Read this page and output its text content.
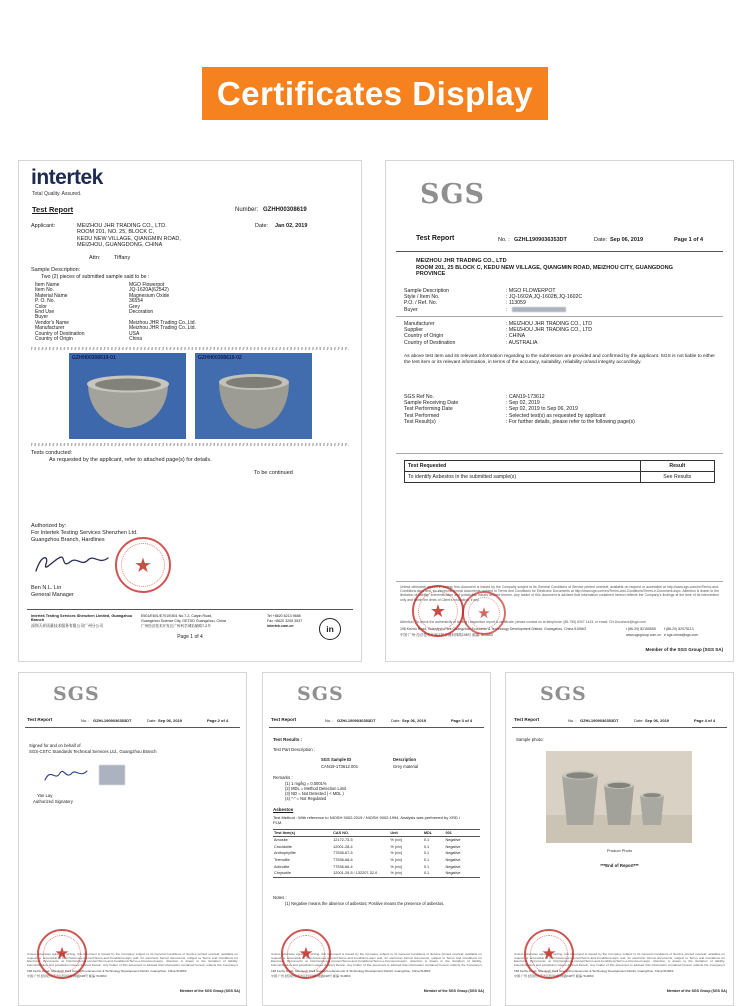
Certificates Display
intertek
Total Quality. Assured.
Test Report	Number: GZHH00308619
Applicant:	MEIZHOU JHR TRADING CO., LTD.
ROOM 201, NO. 25, BLOCK C,
KEDU NEW VILLAGE, QIANGMIN ROAD,
MEIZHOU, GUANGDONG, CHINA
Date: Jan 02, 2019
Attn: Tiffany
Sample Description:
Two (2) pieces of submitted sample said to be :
Item Name	MGO Flowerpot
Item No.	JQ-1620A(62542)
Material Name	Magnesium Oxide
P. O. No.	36554
Color	Grey
End Use	Decoration
Buyer
Vendor's Name	Meizhou JHR Trading Co.,Ltd.
Manufacturer	Meizhou JHR Trading Co.,Ltd.
Country of Destination	USA
Country of Origin	China
GZHH00308619-01	GZHH00308619-02
Tests conducted:
As requested by the applicant, refer to attached page(s) for details.
To be continued
Authorized by:
For Intertek Testing Services Shenzhen Ltd.
Guangzhou Branch, Hardlines
★
Ben N.L. Lin
General Manager
Intertek Testing Services Shenzhen Limited, Guangzhou Branch
深圳天祥质量技术服务有限公司广州分公司
E501/E601/E701/E801 No.7-2, Caipin Road,
Guangzhou Science City, GETDD Guangzhou, China
广州经济技术开发区广州科学城彩频路7-2号
Tel +8620 8213 9688
Fax +8620 3205 3537
intertek.com.cn
Page 1 of 4
in
SGS
Test Report	No. : GZHL1909036353DT	Date: Sep 06, 2019	Page 1 of 4
MEIZHOU JHR TRADING CO., LTD
ROOM 201, 25 BLOCK C, KEDU NEW VILLAGE, QIANGMIN ROAD, MEIZHOU CITY, GUANGDONG
PROVINCE
Sample Description	: MGO FLOWERPOT
Style / Item No.	: JQ-1602A,JQ-1602B,JQ-1602C
P.O. / Ref. No.	: 113059
Buyer	:
Manufacturer	: MEIZHOU JHR TRADING CO., LTD
Supplier	: MEIZHOU JHR TRADING CO., LTD
Country of Origin	: CHINA
Country of Destination	: AUSTRALIA
As above test item and its relevant information regarding to the submission are provided and confirmed by the applicant. SGS is not liable to either the test item or its relevant information, in terms of the accuracy, suitability, reliability or/and integrity accordingly.
SGS Ref No.	: CAN19-173612
Sample Receiving Date	: Sep 02, 2019
Test Performing Date	: Sep 02, 2019 to Sep 06, 2019
Test Performed	: Selected test(s) as requested by applicant
Test Result(s)	: For further details, please refer to the following page(s)
Test Requested	Result
To identify Asbestos in the submitted sample(s)	See Results
Unless otherwise agreed in writing, this document is issued by the Company subject to its General Conditions of Service printed overleaf, available on request or accessible at http://www.sgs.com/en/Terms-and-Conditions.aspx and, for electronic format documents, subject to Terms and Conditions for Electronic Documents at http://www.sgs.com/en/Terms-and-Conditions/Terms-e-Document.aspx. Attention is drawn to the limitation of liability, indemnification and jurisdiction issues defined therein. Any holder of this document is advised that information contained hereon reflects the Company's findings at the time of its intervention only and within the limits of Client's instruction, if any.
Attention: To check the authenticity of testing / inspection report & certificate, please contact us at telephone: (86-755) 8307 1443, or email: CN.Doccheck@sgs.com
198 Kezhu Road, Scientech Park Guangzhou Economic & Technology Development District, Guangzhou, China 510663
中国·广州·经济技术开发区科学城科珠路198号 邮编: 510663
t (86-20) 82155555 f (86-20) 82075113
www.sgsgroup.com.cn e sgs.china@sgs.com
★	★
Member of the SGS Group (SGS SA)
SGS
Test Report	No. : GZHL1909036353DT	Date: Sep 06, 2019	Page 2 of 4
Signed for and on behalf of
SGS-CSTC Standards Technical Services Ltd., Guangzhou Branch
Yan Lay
Authorized Signatory
Unless otherwise agreed in writing, this document is issued by the Company subject to its General Conditions of Service printed overleaf, available on request or accessible at http://www.sgs.com/en/Terms-and-Conditions.aspx and, for electronic format documents, subject to Terms and Conditions for Electronic Documents at http://www.sgs.com/en/Terms-and-Conditions/Terms-e-Document.aspx. Attention is drawn to the limitation of liability, indemnification and jurisdiction issues defined therein. Any holder of this document is advised that information contained hereon reflects the Company's
198 Kezhu Road, Scientech Park Guangzhou Economic & Technology Development District, Guangzhou, China 510663
中国·广州·经济技术开发区科学城科珠路198号 邮编: 510663
★
Member of the SGS Group (SGS SA)
SGS
Test Report	No. : GZHL1909036353DT	Date: Sep 06, 2019	Page 3 of 4
Test Results :
Test Part Description :
SGS Sample ID	Description
CAN19-173612.001	Grey material
Remarks :
(1) 1 mg/kg = 0.0001%
(2) MDL = Method Detection Limit
(3) ND = Not Detected ( < MDL )
(4) "-" = Not Regulated
Asbestos
Test Method : With reference to NIOSH 9002:2019 / NIOSH 9002:1994, Analysis was performed by XRD /
PLM.
Test Item(s)	CAS NO.	Unit	MDL	001
Amosite	12172-73-5	% (v/v)	0.1	Negative
Crocidolite	12001-28-4	% (v/v)	0.1	Negative
Anthophyllite	77536-67-5	% (v/v)	0.1	Negative
Tremolite	77536-68-6	% (v/v)	0.1	Negative
Actinolite	77536-66-4	% (v/v)	0.1	Negative
Chrysotile	12001-29-5 / 132207-32-0	% (v/v)	0.1	Negative
Notes :
(1) Negative means the absence of asbestos; Positive means the presence of asbestos.
Unless otherwise agreed in writing, this document is issued by the Company subject to its General Conditions of Service printed overleaf, available on request or accessible at http://www.sgs.com/en/Terms-and-Conditions.aspx and, for electronic format documents, subject to Terms and Conditions for Electronic Documents at http://www.sgs.com/en/Terms-and-Conditions/Terms-e-Document.aspx. Attention is drawn to the limitation of liability, indemnification and jurisdiction issues defined therein. Any holder of this document is advised that information contained hereon reflects the Company's
198 Kezhu Road, Scientech Park Guangzhou Economic & Technology Development District, Guangzhou, China 510663
中国·广州·经济技术开发区科学城科珠路198号 邮编: 510663
★
Member of the SGS Group (SGS SA)
SGS
Test Report	No. : GZHL1909036353DT	Date: Sep 06, 2019	Page 4 of 4
Sample photo:
Product Photo
***End of Report***
Unless otherwise agreed in writing, this document is issued by the Company subject to its General Conditions of Service printed overleaf, available on request or accessible at http://www.sgs.com/en/Terms-and-Conditions.aspx and, for electronic format documents, subject to Terms and Conditions for Electronic Documents at http://www.sgs.com/en/Terms-and-Conditions/Terms-e-Document.aspx. Attention is drawn to the limitation of liability, indemnification and jurisdiction issues defined therein. Any holder of this document is advised that information contained hereon reflects the Company's
198 Kezhu Road, Scientech Park Guangzhou Economic & Technology Development District, Guangzhou, China 510663
中国·广州·经济技术开发区科学城科珠路198号 邮编: 510663
★
Member of the SGS Group (SGS SA)
